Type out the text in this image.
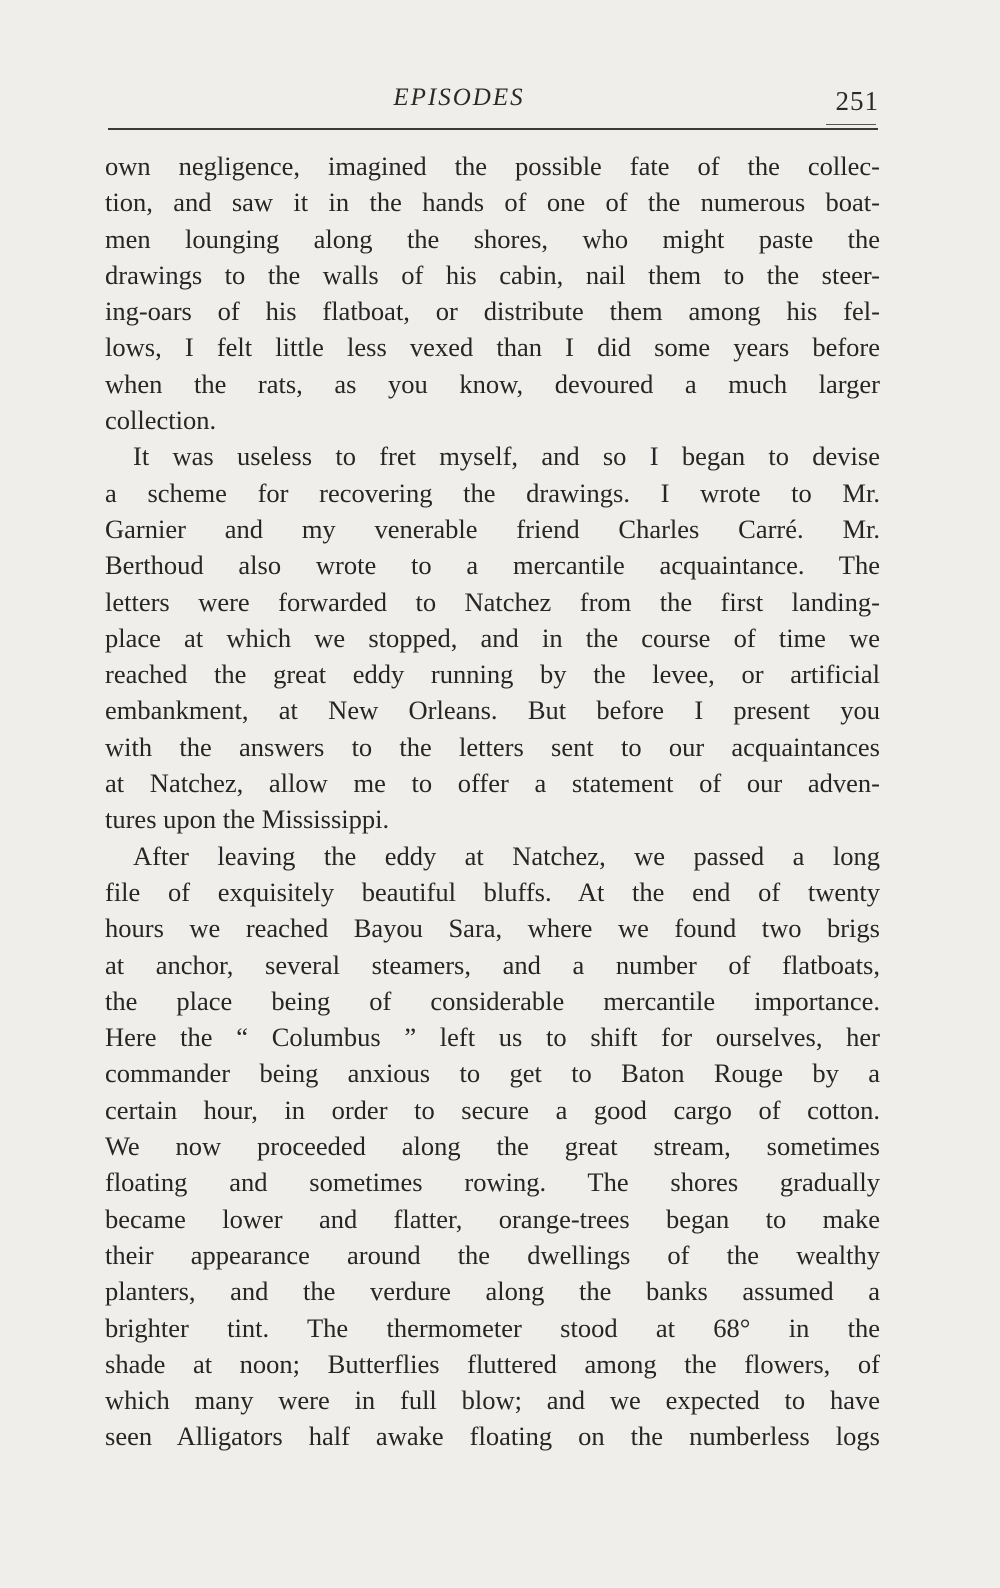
EPISODES	251
own negligence, imagined the possible fate of the collec-
tion, and saw it in the hands of one of the numerous boat-
men lounging along the shores, who might paste the
drawings to the walls of his cabin, nail them to the steer-
ing-oars of his flatboat, or distribute them among his fel-
lows, I felt little less vexed than I did some years before
when the rats, as you know, devoured a much larger
collection.
It was useless to fret myself, and so I began to devise
a scheme for recovering the drawings. I wrote to Mr.
Garnier and my venerable friend Charles Carré. Mr.
Berthoud also wrote to a mercantile acquaintance. The
letters were forwarded to Natchez from the first landing-
place at which we stopped, and in the course of time we
reached the great eddy running by the levee, or artificial
embankment, at New Orleans. But before I present you
with the answers to the letters sent to our acquaintances
at Natchez, allow me to offer a statement of our adven-
tures upon the Mississippi.
After leaving the eddy at Natchez, we passed a long
file of exquisitely beautiful bluffs. At the end of twenty
hours we reached Bayou Sara, where we found two brigs
at anchor, several steamers, and a number of flatboats,
the place being of considerable mercantile importance.
Here the “ Columbus ” left us to shift for ourselves, her
commander being anxious to get to Baton Rouge by a
certain hour, in order to secure a good cargo of cotton.
We now proceeded along the great stream, sometimes
floating and sometimes rowing. The shores gradually
became lower and flatter, orange-trees began to make
their appearance around the dwellings of the wealthy
planters, and the verdure along the banks assumed a
brighter tint. The thermometer stood at 68° in the
shade at noon; Butterflies fluttered among the flowers, of
which many were in full blow; and we expected to have
seen Alligators half awake floating on the numberless logs
